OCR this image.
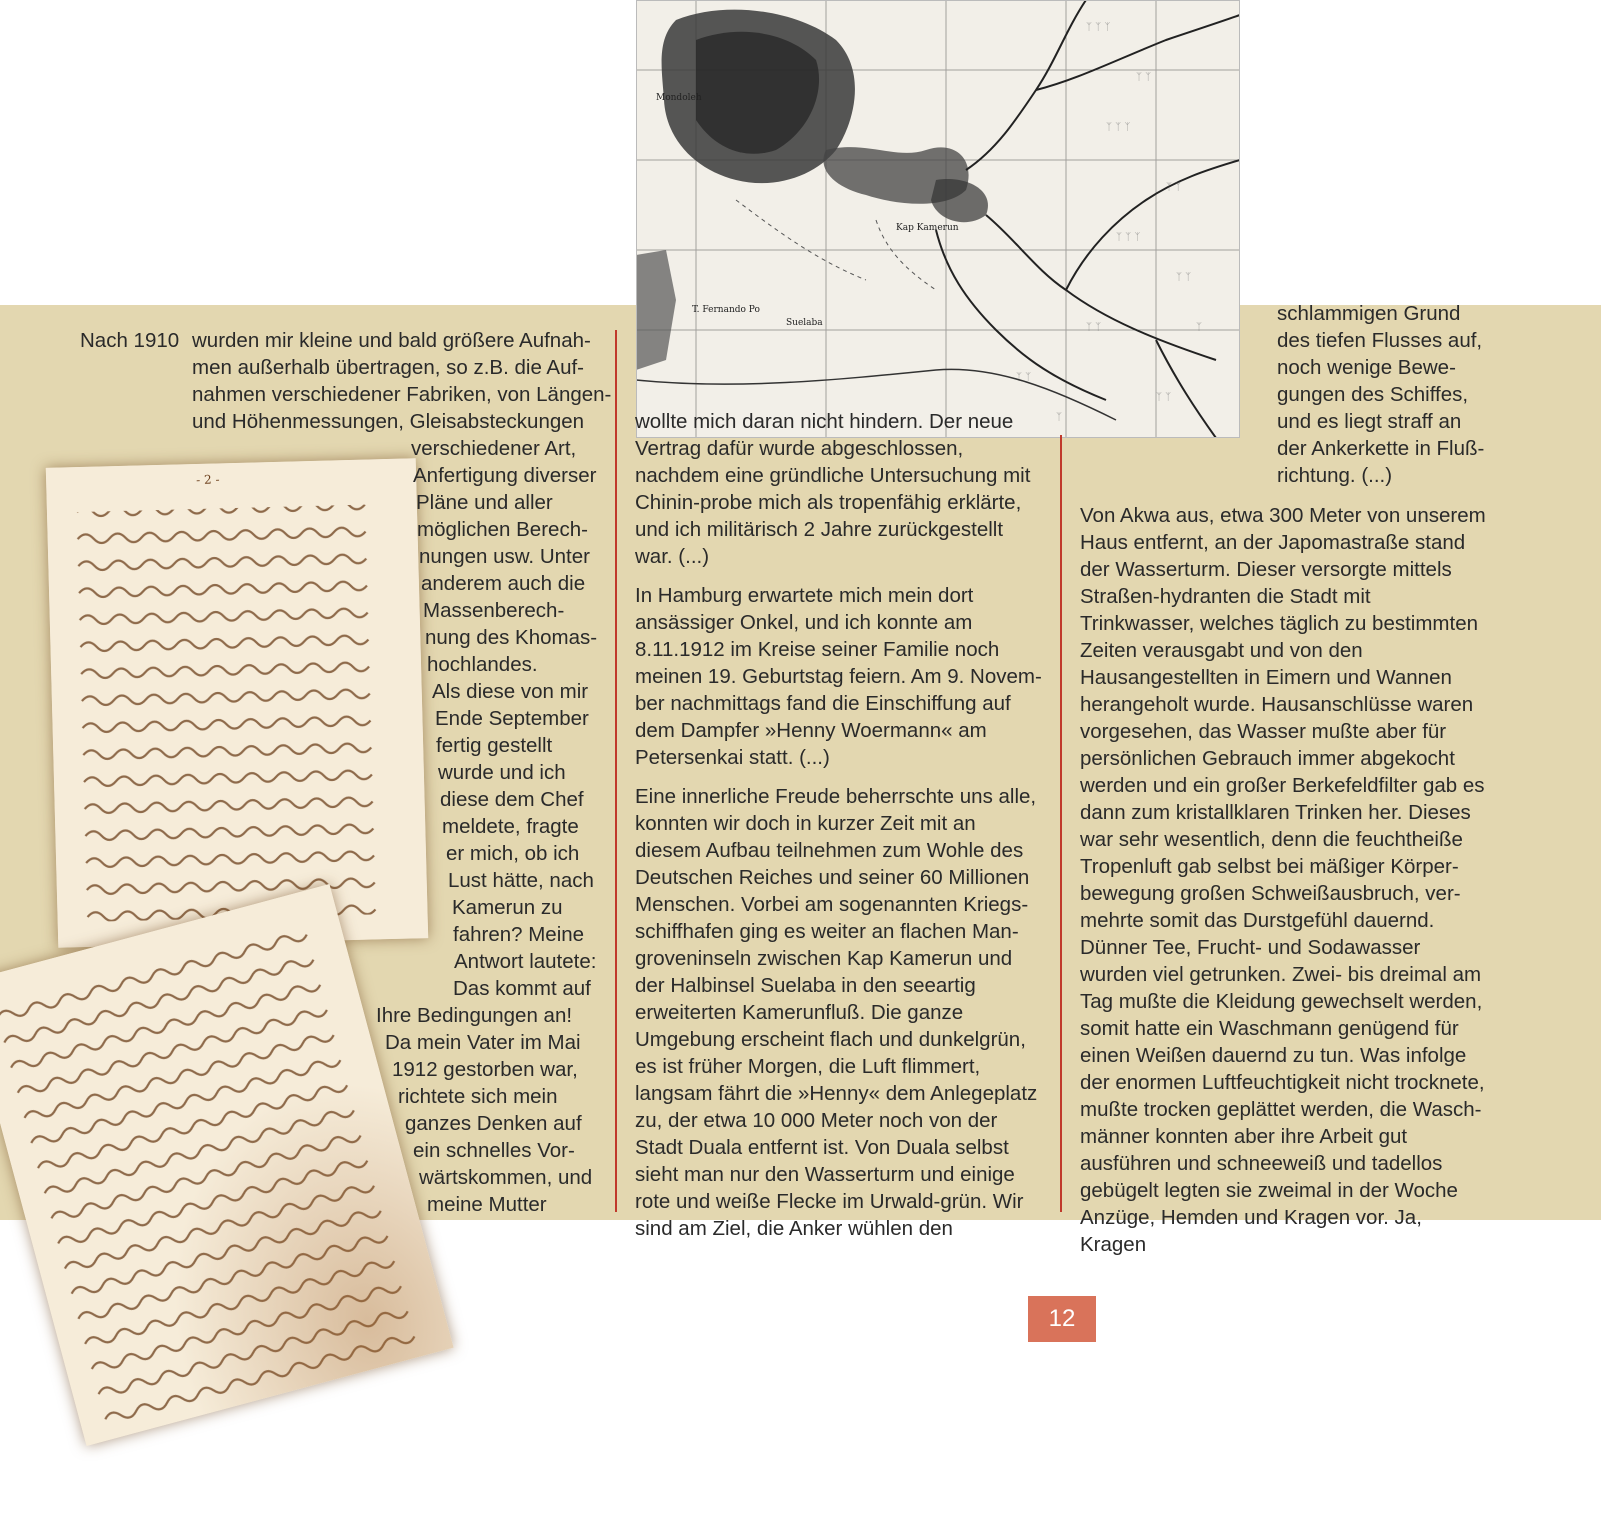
ᛉ ᛉ ᛉ
ᛉ ᛉ
ᛉ ᛉ ᛉ
ᛉ ᛉ
ᛉ ᛉ ᛉ
ᛉ ᛉ
ᛉ ᛉ	ᛉ
ᛉ ᛉ
ᛉ ᛉ
ᛉ
T. Fernando Po
Mondoleh
Suelaba
Kap Kamerun
- 2 -
Nach 1910 wurden mir kleine und bald größere Aufnah-
men außerhalb übertragen, so z.B. die Auf-
nahmen verschiedener Fabriken, von Längen-
und Höhenmessungen, Gleisabsteckungen
verschiedener Art,
Anfertigung diverser
Pläne und aller
möglichen Berech-
nungen usw. Unter
anderem auch die
Massenberech-
nung des Khomas-
hochlandes.
Als diese von mir
Ende September
fertig gestellt
wurde und ich
diese dem Chef
meldete, fragte
er mich, ob ich
Lust hätte, nach
Kamerun zu
fahren? Meine
Antwort lautete:
Das kommt auf
Ihre Bedingungen an!
Da mein Vater im Mai
1912 gestorben war,
richtete sich mein
ganzes Denken auf
ein schnelles Vor-
wärtskommen, und
meine Mutter

wollte mich daran nicht hindern. Der neue Vertrag dafür wurde abgeschlossen, nachdem eine gründliche Untersuchung mit Chinin-probe mich als tropenfähig erklärte, und ich militärisch 2 Jahre zurückgestellt war. (...)

In Hamburg erwartete mich mein dort ansässiger Onkel, und ich konnte am 8.11.1912 im Kreise seiner Familie noch meinen 19. Geburtstag feiern. Am 9. Novem-ber nachmittags fand die Einschiffung auf dem Dampfer »Henny Woermann« am Petersenkai statt. (...)

Eine innerliche Freude beherrschte uns alle, konnten wir doch in kurzer Zeit mit an diesem Aufbau teilnehmen zum Wohle des Deutschen Reiches und seiner 60 Millionen Menschen. Vorbei am sogenannten Kriegs-schiffhafen ging es weiter an flachen Man-groveninseln zwischen Kap Kamerun und der Halbinsel Suelaba in den seeartig erweiterten Kamerunfluß. Die ganze Umgebung erscheint flach und dunkelgrün, es ist früher Morgen, die Luft flimmert, langsam fährt die »Henny« dem Anlegeplatz zu, der etwa 10 000 Meter noch von der Stadt Duala entfernt ist. Von Duala selbst sieht man nur den Wasserturm und einige rote und weiße Flecke im Urwald-grün. Wir sind am Ziel, die Anker wühlen den

schlammigen Grund des tiefen Flusses auf, noch wenige Bewe-gungen des Schiffes, und es liegt straff an der Ankerkette in Fluß-richtung. (...)

Von Akwa aus, etwa 300 Meter von unserem Haus entfernt, an der Japomastraße stand der Wasserturm. Dieser versorgte mittels Straßen-hydranten die Stadt mit Trinkwasser, welches täglich zu bestimmten Zeiten verausgabt und von den Hausangestellten in Eimern und Wannen herangeholt wurde. Hausanschlüsse waren vorgesehen, das Wasser mußte aber für persönlichen Gebrauch immer abgekocht werden und ein großer Berkefeldfilter gab es dann zum kristallklaren Trinken her. Dieses war sehr wesentlich, denn die feuchtheiße Tropenluft gab selbst bei mäßiger Körper-bewegung großen Schweißausbruch, ver-mehrte somit das Durstgefühl dauernd. Dünner Tee, Frucht- und Sodawasser wurden viel getrunken. Zwei- bis dreimal am Tag mußte die Kleidung gewechselt werden, somit hatte ein Waschmann genügend für einen Weißen dauernd zu tun. Was infolge der enormen Luftfeuchtigkeit nicht trocknete, mußte trocken geplättet werden, die Wasch-männer konnten aber ihre Arbeit gut ausführen und schneeweiß und tadellos gebügelt legten sie zweimal in der Woche Anzüge, Hemden und Kragen vor. Ja, Kragen

12
